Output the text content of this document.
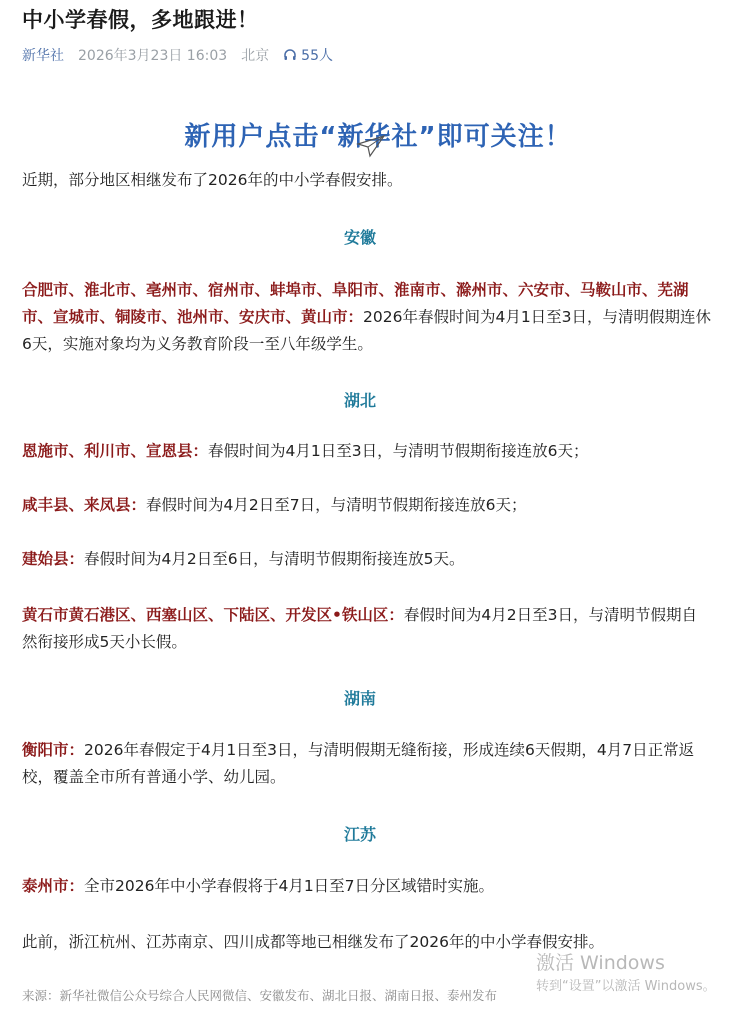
中小学春假，多地跟进！
新华社 2026年3月23日 16:03 北京 55人
新用户点击“新华社”即可关注！
近期，部分地区相继发布了2026年的中小学春假安排。
安徽
合肥市、淮北市、亳州市、宿州市、蚌埠市、阜阳市、淮南市、滁州市、六安市、马鞍山市、芜湖市、宣城市、铜陵市、池州市、安庆市、黄山市：2026年春假时间为4月1日至3日，与清明假期连休6天，实施对象均为义务教育阶段一至八年级学生。
湖北
恩施市、利川市、宣恩县：春假时间为4月1日至3日，与清明节假期衔接连放6天；
咸丰县、来凤县：春假时间为4月2日至7日，与清明节假期衔接连放6天；
建始县：春假时间为4月2日至6日，与清明节假期衔接连放5天。
黄石市黄石港区、西塞山区、下陆区、开发区•铁山区：春假时间为4月2日至3日，与清明节假期自然衔接形成5天小长假。
湖南
衡阳市：2026年春假定于4月1日至3日，与清明假期无缝衔接，形成连续6天假期，4月7日正常返校，覆盖全市所有普通小学、幼儿园。
江苏
泰州市：全市2026年中小学春假将于4月1日至7日分区域错时实施。
此前，浙江杭州、江苏南京、四川成都等地已相继发布了2026年的中小学春假安排。
来源：新华社微信公众号综合人民网微信、安徽发布、湖北日报、湖南日报、泰州发布
激活 Windows
转到“设置”以激活 Windows。
